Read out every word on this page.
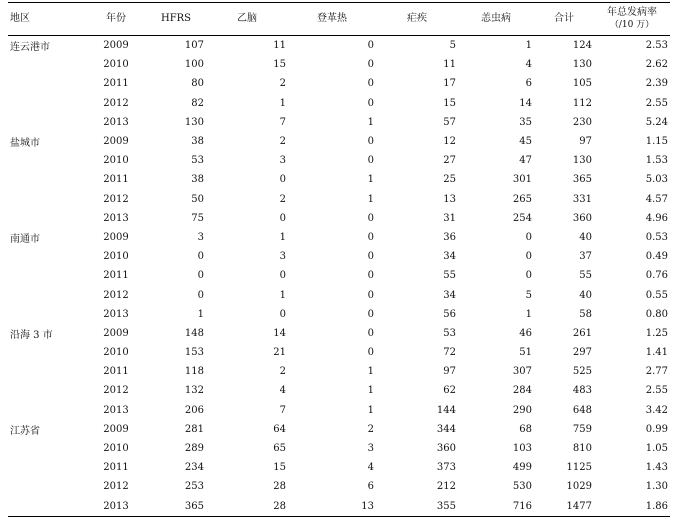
地区	年份	HFRS	乙脑	登革热	疟疾	恙虫病	合计	年总发病率
（/10 万）

连云港市	2009	107	11	0	5	1	124	2.53
	2010	100	15	0	11	4	130	2.62
	2011	80	2	0	17	6	105	2.39
	2012	82	1	0	15	14	112	2.55
	2013	130	7	1	57	35	230	5.24
盐城市	2009	38	2	0	12	45	97	1.15
	2010	53	3	0	27	47	130	1.53
	2011	38	0	1	25	301	365	5.03
	2012	50	2	1	13	265	331	4.57
	2013	75	0	0	31	254	360	4.96
南通市	2009	3	1	0	36	0	40	0.53
	2010	0	3	0	34	0	37	0.49
	2011	0	0	0	55	0	55	0.76
	2012	0	1	0	34	5	40	0.55
	2013	1	0	0	56	1	58	0.80
沿海 3 市	2009	148	14	0	53	46	261	1.25
	2010	153	21	0	72	51	297	1.41
	2011	118	2	1	97	307	525	2.77
	2012	132	4	1	62	284	483	2.55
	2013	206	7	1	144	290	648	3.42
江苏省	2009	281	64	2	344	68	759	0.99
	2010	289	65	3	360	103	810	1.05
	2011	234	15	4	373	499	1125	1.43
	2012	253	28	6	212	530	1029	1.30
	2013	365	28	13	355	716	1477	1.86
